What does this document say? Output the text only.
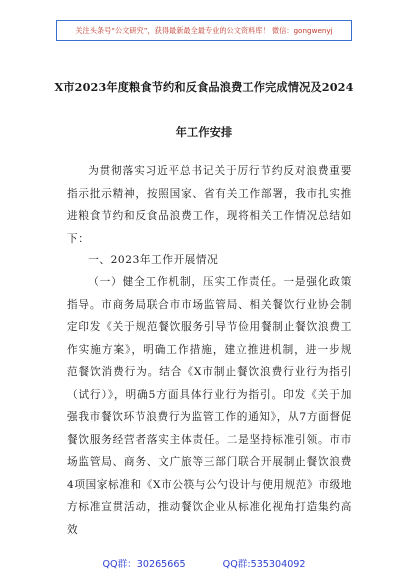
关注头条号“公文研究”，获得最新最全最专业的公文资料库！ 微信：gongwenyj
X市2023年度粮食节约和反食品浪费工作完成情况及2024
年工作安排

为贯彻落实习近平总书记关于厉行节约反对浪费重要指示批示精神，按照国家、省有关工作部署，我市扎实推进粮食节约和反食品浪费工作，现将相关工作情况总结如下：

一、2023年工作开展情况

（一）健全工作机制，压实工作责任。一是强化政策指导。市商务局联合市市场监管局、相关餐饮行业协会制定印发《关于规范餐饮服务引导节俭用餐制止餐饮浪费工作实施方案》，明确工作措施，建立推进机制，进一步规范餐饮消费行为。结合《X市制止餐饮浪费行业行为指引（试行）》，明确5方面具体行业行为指引。印发《关于加强我市餐饮环节浪费行为监管工作的通知》，从7方面督促餐饮服务经营者落实主体责任。二是坚持标准引领。市市场监管局、商务、文广旅等三部门联合开展制止餐饮浪费4项国家标准和《X市公筷与公勺设计与使用规范》市级地方标准宣贯活动，推动餐饮企业从标准化视角打造集约高效

QQ群：30265665	QQ群:535304092
